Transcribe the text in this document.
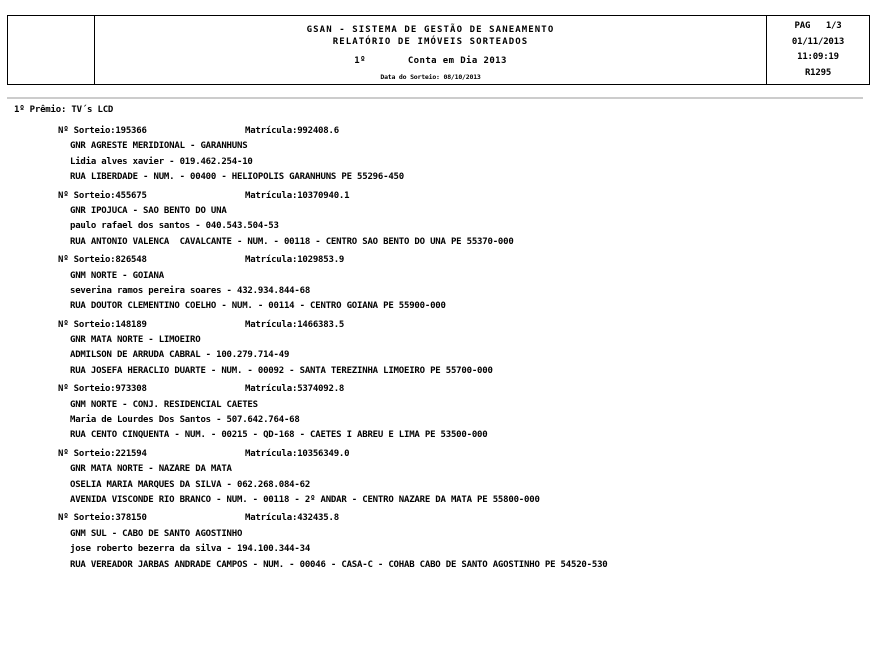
GSAN - SISTEMA DE GESTÃO DE SANEAMENTO
RELATÓRIO DE IMÓVEIS SORTEADOS
1º	Conta em Dia 2013
Data do Sorteio: 08/10/2013
PAG   1/3
01/11/2013
11:09:19
R1295
1º Prêmio: TV´s LCD
Nº Sorteio:195366	Matrícula:992408.6
GNR AGRESTE MERIDIONAL - GARANHUNS
Lidia alves xavier - 019.462.254-10
RUA LIBERDADE - NUM. - 00400 - HELIOPOLIS GARANHUNS PE 55296-450
Nº Sorteio:455675	Matrícula:10370940.1
GNR IPOJUCA - SAO BENTO DO UNA
paulo rafael dos santos - 040.543.504-53
RUA ANTONIO VALENCA  CAVALCANTE - NUM. - 00118 - CENTRO SAO BENTO DO UNA PE 55370-000
Nº Sorteio:826548	Matrícula:1029853.9
GNM NORTE - GOIANA
severina ramos pereira soares - 432.934.844-68
RUA DOUTOR CLEMENTINO COELHO - NUM. - 00114 - CENTRO GOIANA PE 55900-000
Nº Sorteio:148189	Matrícula:1466383.5
GNR MATA NORTE - LIMOEIRO
ADMILSON DE ARRUDA CABRAL - 100.279.714-49
RUA JOSEFA HERACLIO DUARTE - NUM. - 00092 - SANTA TEREZINHA LIMOEIRO PE 55700-000
Nº Sorteio:973308	Matrícula:5374092.8
GNM NORTE - CONJ. RESIDENCIAL CAETES
Maria de Lourdes Dos Santos - 507.642.764-68
RUA CENTO CINQUENTA - NUM. - 00215 - QD-168 - CAETES I ABREU E LIMA PE 53500-000
Nº Sorteio:221594	Matrícula:10356349.0
GNR MATA NORTE - NAZARE DA MATA
OSELIA MARIA MARQUES DA SILVA - 062.268.084-62
AVENIDA VISCONDE RIO BRANCO - NUM. - 00118 - 2º ANDAR - CENTRO NAZARE DA MATA PE 55800-000
Nº Sorteio:378150	Matrícula:432435.8
GNM SUL - CABO DE SANTO AGOSTINHO
jose roberto bezerra da silva - 194.100.344-34
RUA VEREADOR JARBAS ANDRADE CAMPOS - NUM. - 00046 - CASA-C - COHAB CABO DE SANTO AGOSTINHO PE 54520-530
